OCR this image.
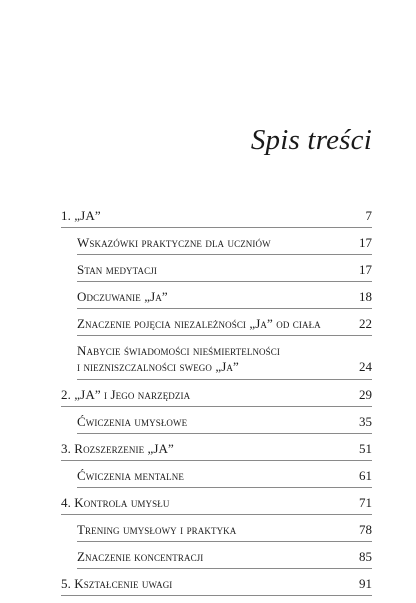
Spis treści
1. „JA”	7
Wskazówki praktyczne dla uczniów	17
Stan medytacji	17
Odczuwanie „Ja”	18
Znaczenie pojęcia niezależności „Ja” od ciała	22
Nabycie świadomości nieśmiertelności
i niezniszczalności swego „Ja”	24
2. „JA” i Jego narzędzia	29
Ćwiczenia umysłowe	35
3. Rozszerzenie „JA”	51
Ćwiczenia mentalne	61
4. Kontrola umysłu	71
Trening umysłowy i praktyka	78
Znaczenie koncentracji	85
5. Kształcenie uwagi	91
